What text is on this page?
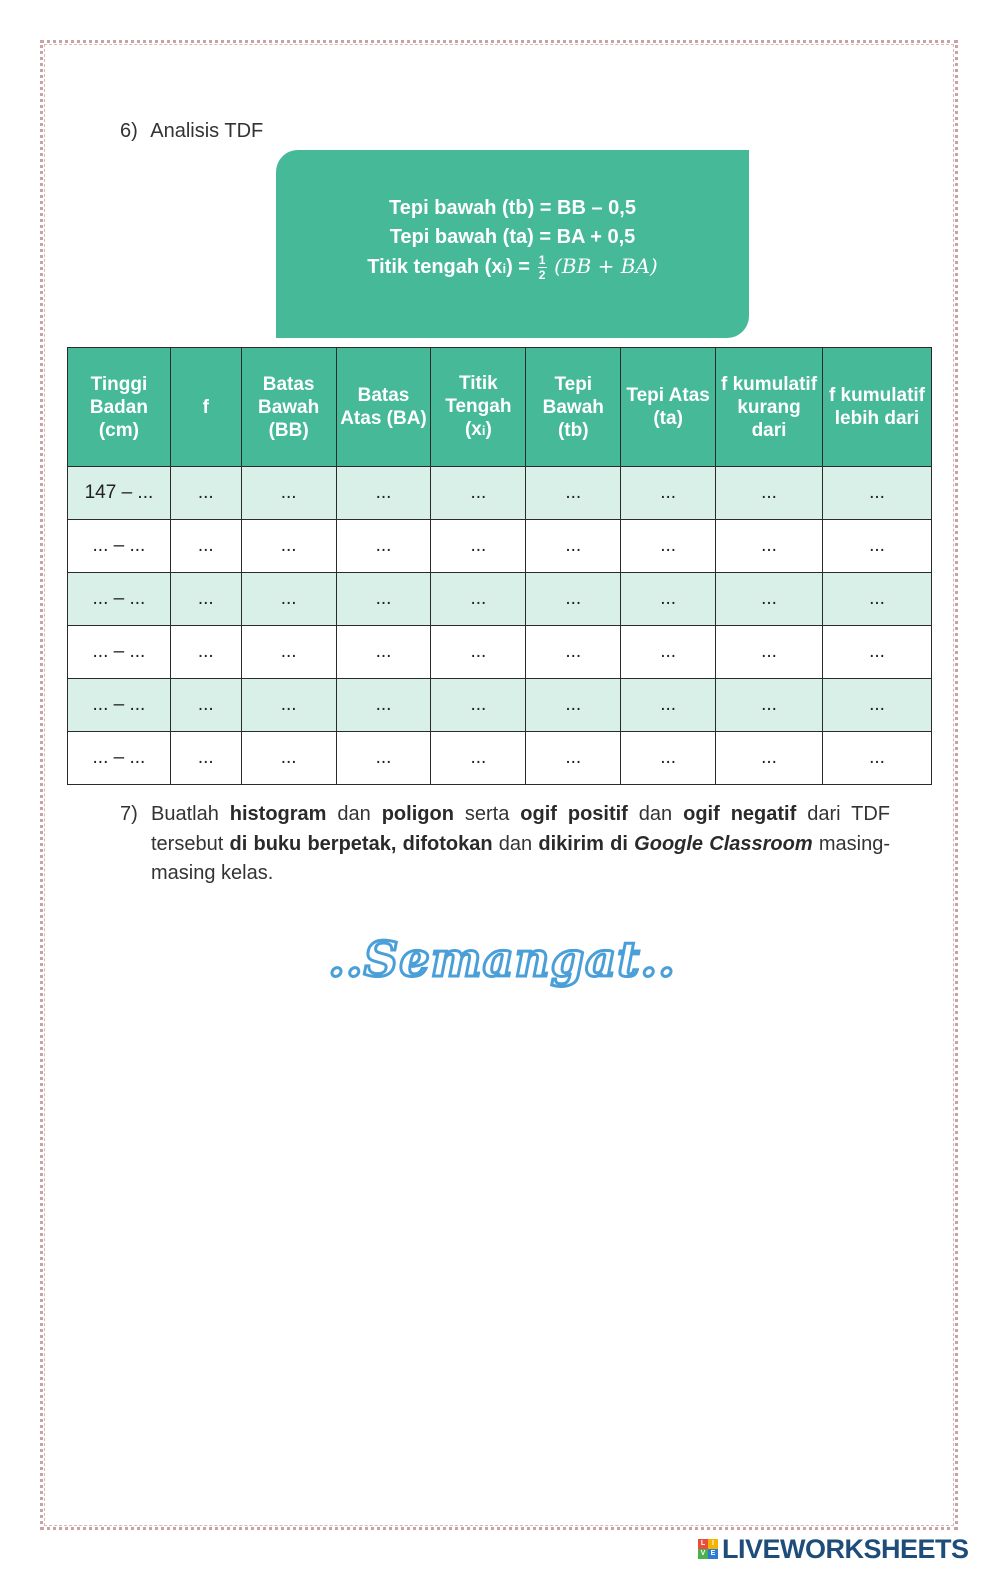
6) Analisis TDF
Tepi bawah (tb) = BB – 0,5
Tepi bawah (ta) = BA + 0,5
Titik tengah $(xi) = \frac{1}{2} (BB + BA)$
Tinggi Badan (cm)	f	Batas Bawah (BB)	Batas Atas (BA)	Titik Tengah (xi)	Tepi Bawah (tb)	Tepi Atas (ta)	f kumulatif kurang dari	f kumulatif lebih dari
147 – ...	...	...	...	...	...	...	...	...
... – ...	...	...	...	...	...	...	...	...
... – ...	...	...	...	...	...	...	...	...
... – ...	...	...	...	...	...	...	...	...
... – ...	...	...	...	...	...	...	...	...
... – ...	...	...	...	...	...	...	...	...
7) Buatlah histogram dan poligon serta ogif positif dan ogif negatif dari TDF tersebut di buku berpetak, difotokan dan dikirim di Google Classroom masing-masing kelas.
..Semangat..
L I
V E LIVEWORKSHEETS
